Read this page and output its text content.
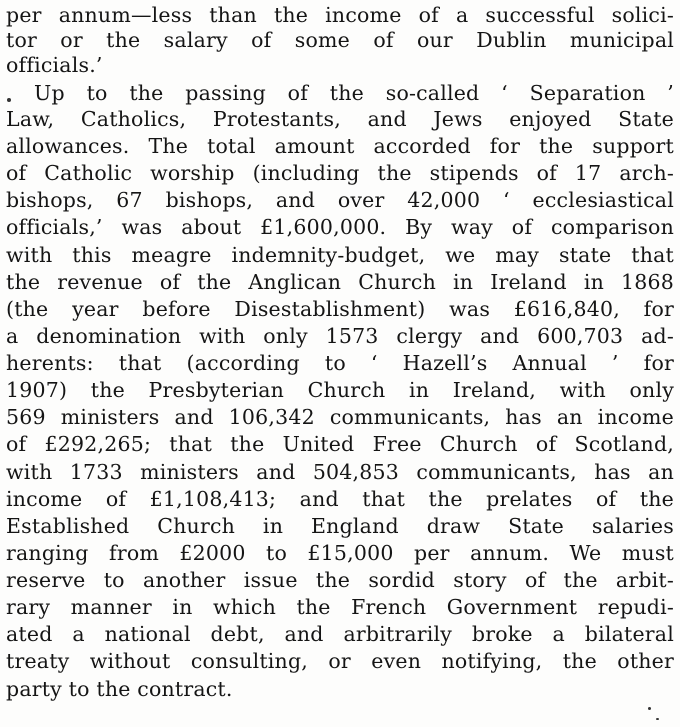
per annum—less than the income of a successful solici-
tor or the salary of some of our Dublin municipal
officials.’
Up to the passing of the so-called ‘ Separation ’
Law, Catholics, Protestants, and Jews enjoyed State
allowances. The total amount accorded for the support
of Catholic worship (including the stipends of 17 arch-
bishops, 67 bishops, and over 42,000 ‘ ecclesiastical
officials,’ was about £1,600,000. By way of comparison
with this meagre indemnity-budget, we may state that
the revenue of the Anglican Church in Ireland in 1868
(the year before Disestablishment) was £616,840, for
a denomination with only 1573 clergy and 600,703 ad-
herents: that (according to ‘ Hazell’s Annual ’ for
1907) the Presbyterian Church in Ireland, with only
569 ministers and 106,342 communicants, has an income
of £292,265; that the United Free Church of Scotland,
with 1733 ministers and 504,853 communicants, has an
income of £1,108,413; and that the prelates of the
Established Church in England draw State salaries
ranging from £2000 to £15,000 per annum. We must
reserve to another issue the sordid story of the arbit-
rary manner in which the French Government repudi-
ated a national debt, and arbitrarily broke a bilateral
treaty without consulting, or even notifying, the other
party to the contract.
